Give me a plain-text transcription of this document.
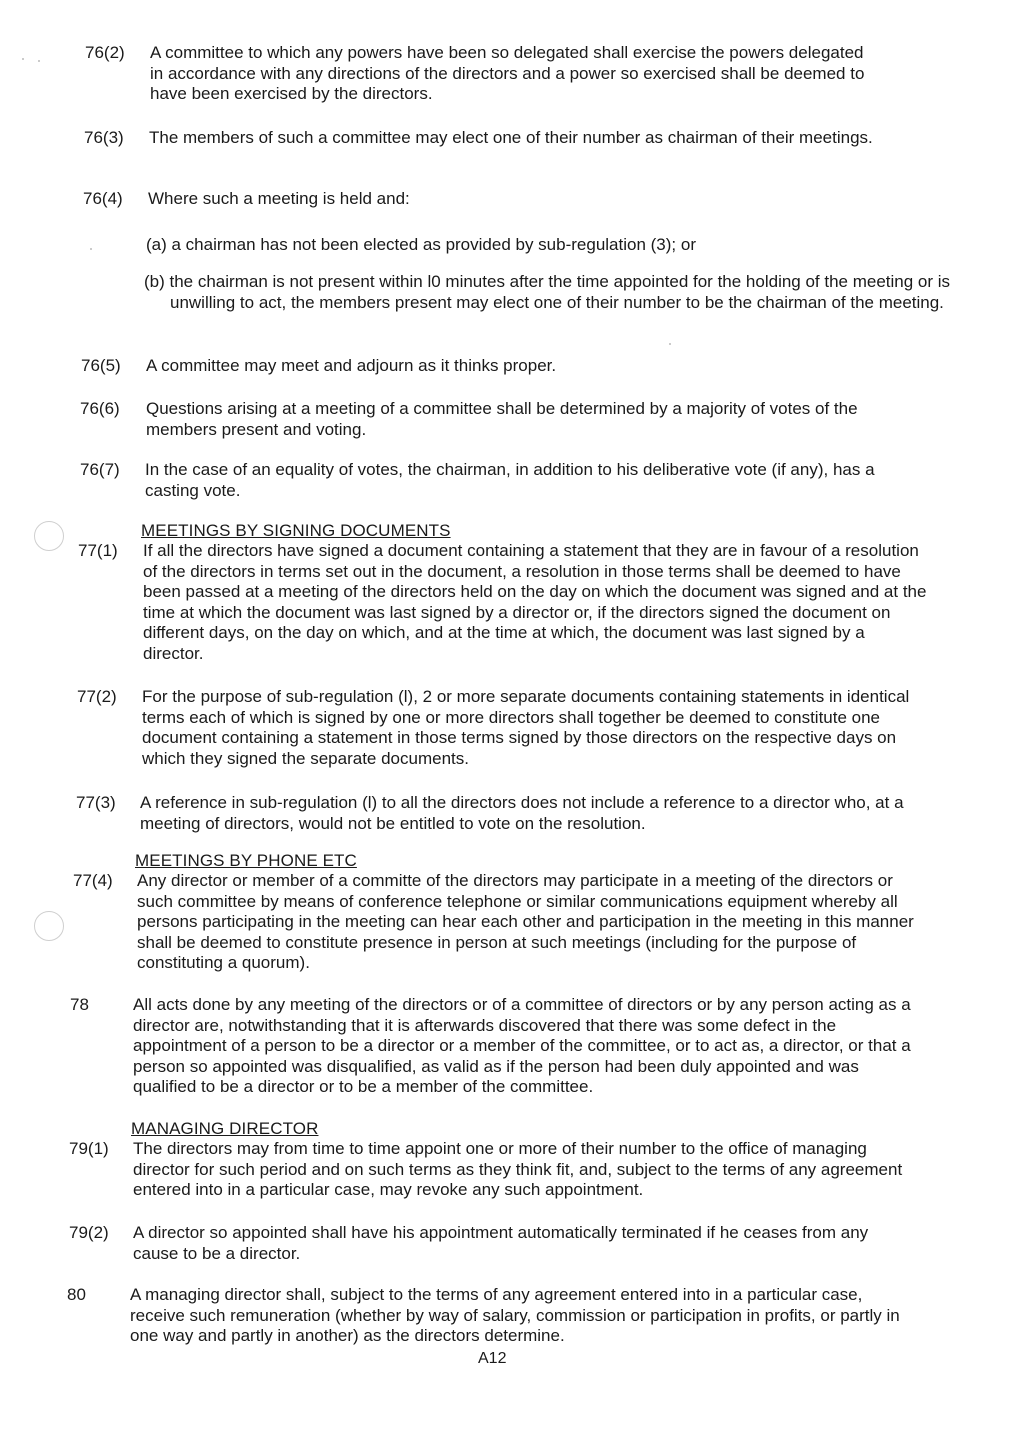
76(2)	A committee to which any powers have been so delegated shall exercise the powers delegated in accordance with any directions of the directors and a power so exercised shall be deemed to have been exercised by the directors.
76(3)	The members of such a committee may elect one of their number as chairman of their meetings.
76(4)	Where such a meeting is held and:
(a) a chairman has not been elected as provided by sub-regulation (3); or
(b) the chairman is not present within l0 minutes after the time appointed for the holding of the meeting or is unwilling to act, the members present may elect one of their number to be the chairman of the meeting.
76(5)	A committee may meet and adjourn as it thinks proper.
76(6)	Questions arising at a meeting of a committee shall be determined by a majority of votes of the members present and voting.
76(7)	In the case of an equality of votes, the chairman, in addition to his deliberative vote (if any), has a casting vote.
MEETINGS BY SIGNING DOCUMENTS
77(1)	If all the directors have signed a document containing a statement that they are in favour of a resolution of the directors in terms set out in the document, a resolution in those terms shall be deemed to have been passed at a meeting of the directors held on the day on which the document was signed and at the time at which the document was last signed by a director or, if the directors signed the document on different days, on the day on which, and at the time at which, the document was last signed by a director.
77(2)	For the purpose of sub-regulation (l), 2 or more separate documents containing statements in identical terms each of which is signed by one or more directors shall together be deemed to constitute one document containing a statement in those terms signed by those directors on the respective days on which they signed the separate documents.
77(3)	A reference in sub-regulation (l) to all the directors does not include a reference to a director who, at a meeting of directors, would not be entitled to vote on the resolution.
MEETINGS BY PHONE ETC
77(4)	Any director or member of a committe of the directors may participate in a meeting of the directors or such committee by means of conference telephone or similar communications equipment whereby all persons participating in the meeting can hear each other and participation in the meeting in this manner shall be deemed to constitute presence in person at such meetings (including for the purpose of constituting a quorum).
78	All acts done by any meeting of the directors or of a committee of directors or by any person acting as a director are, notwithstanding that it is afterwards discovered that there was some defect in the appointment of a person to be a director or a member of the committee, or to act as, a director, or that a person so appointed was disqualified, as valid as if the person had been duly appointed and was qualified to be a director or to be a member of the committee.
MANAGING DIRECTOR
79(1)	The directors may from time to time appoint one or more of their number to the office of managing director for such period and on such terms as they think fit, and, subject to the terms of any agreement entered into in a particular case, may revoke any such appointment.
79(2)	A director so appointed shall have his appointment automatically terminated if he ceases from any cause to be a director.
80	A managing director shall, subject to the terms of any agreement entered into in a particular case, receive such remuneration (whether by way of salary, commission or participation in profits, or partly in one way and partly in another) as the directors determine.
A12
